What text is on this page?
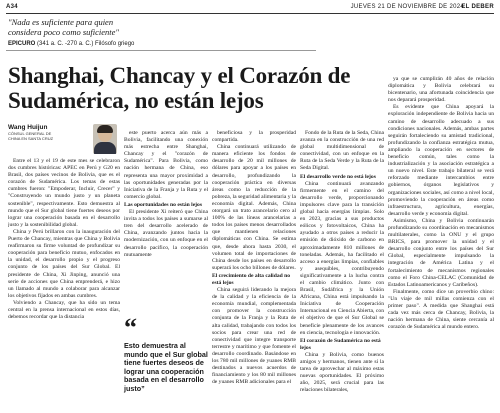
A34	JUEVES 21 DE NOVIEMBRE DE 2024
EL DEBER
"Nada es suficiente para quien
considera poco como suficiente"
EPICURO (341 a. C. -270 a. C.) Filósofo griego
Shanghai, Chancay y el Corazón de
Sudamérica, no están lejos
Wang Huijun
CÓNSUL GENERAL DE
CHINA EN SANTA CRUZ

Entre el 13 y el 19 de este mes se celebraron dos cumbres históricas: APEC en Perú y G20 en Brasil, dos países vecinos de Bolivia, que es el corazón de Sudamérica. Los temas de estas cumbres fueron: "Empoderar, Incluir, Crecer" y "Construyendo un mundo justo y un planeta sostenible", respectivamente. Esto demuestra al mundo que el Sur global tiene fuertes deseos por lograr una cooperación basada en el desarrollo justo y la sostenibilidad global.

China y Perú brillaron con la inauguración del Puerto de Chancay, mientras que China y Bolivia reafirmaron su firme voluntad de profundizar su cooperación para beneficio mutuo, enfocados en la unidad, el desarrollo propio y el progreso conjunto de los países del Sur Global. El presidente de China, Xi Jinping, anunció una serie de acciones que China emprenderá, e hizo un llamado al mundo a colaborar para alcanzar los objetivos fijados en ambas cumbres.

Volviendo a Chancay, que ha sido un tema central en la prensa internacional en estos días, debemos recordar que la distancia

este puerto acerca aún más a Bolivia, facilitando una conexión más estrecha entre Shanghai, Chancay y el "corazón de Sudamérica". Para Bolivia, como nación hermana de China, eso representa una mayor proximidad a las oportunidades generadas por la Iniciativa de la Franja y la Ruta y el comercio global.

Las oportunidades no están lejos

El presidente Xi reiteró que China invita a todos los países a sumarse al tren del desarrollo acelerado de China, avanzando juntos hacia la modernización, con un enfoque en el desarrollo pacífico, la cooperación mutuamente

“
Esto demuestra al mundo que el Sur global tiene fuertes deseos de lograr una cooperación basada en el desarrollo justo”

beneficiosa y la prosperidad compartida.

China continuará utilizando de manera eficiente los fondos de desarrollo de 20 mil millones de dólares para apoyar a los países en desarrollo, profundizando la cooperación práctica en diversas áreas como la reducción de la pobreza, la seguridad alimentaria y la economía digital. Además, China otorgará un trato arancelario cero al 100% de las líneas arancelarias a todos los países menos desarrollados que mantienen relaciones diplomáticas con China. Se estima que, desde ahora hasta 2030, el volumen total de importaciones de China desde los países en desarrollo superará los ocho billones de dólares.

El crecimiento de alta calidad no está lejos

China seguirá liderando la mejora de la calidad y la eficiencia de la economía mundial, complementada con promover la construcción conjunta de la Franja y la Ruta de alta calidad, trabajando con todos los socios para crear una red de conectividad que integre transporte terrestre y marítimo y que fomente el desarrollo coordinado. Basándose en los 780 mil millones de yuanes RMB destinados a nuevos acuerdos de financiamiento y los 80 mil millones de yuanes RMB adicionales para el

Fondo de la Ruta de la Seda, China avanza en la construcción de una red global multidimensional de conectividad, con un enfoque en la Ruta de la Seda Verde y la Ruta de la Seda Digital.

El desarrollo verde no está lejos

China continuará avanzando firmemente en el camino del desarrollo verde, proporcionando impulsores clave para la transición global hacia energías limpias. Solo en 2023, gracias a sus productos eólicos y fotovoltaicos, China ha ayudado a otros países a reducir la emisión de dióxido de carbono en aproximadamente 810 millones de toneladas. Además, ha facilitado el acceso a energías limpias, confiables y asequibles, contribuyendo significativamente a la lucha contra el cambio climático. Junto con Brasil, Sudáfrica y la Unión Africana, China está impulsando la Iniciativa de Cooperación Internacional en Ciencia Abierta, con el objetivo de que el Sur Global se beneficie plenamente de los avances en ciencia, tecnología e innovación.

El corazón de Sudamérica no está lejos

China y Bolivia, como buenos amigos y hermanos, tienen ante sí la tarea de aprovechar al máximo estas nuevas oportunidades. El próximo año, 2025, será crucial para las relaciones bilaterales,

ya que se cumplirán 40 años de relación diplomática y Bolivia celebrará su bicentenario, una afortunada coincidencia que nos deparará prosperidad.

Es evidente que China apoyará la exploración independiente de Bolivia hacia un camino de desarrollo adecuado a sus condiciones nacionales. Además, ambas partes seguirán fortaleciendo su amistad tradicional, profundizando la confianza estratégica mutua, ampliando la cooperación en sectores de beneficio común, tales como la industrialización y la asociación estratégica a un nuevo nivel. Este trabajo bilateral se verá reforzado mediante intercambios entre gobiernos, órganos legislativos y organizaciones sociales, así como a nivel local, promoviendo la cooperación en áreas como infraestructura, agricultura, energías, desarrollo verde y economía digital.

Asimismo, China y Bolivia continuarán profundizando su coordinación en mecanismos multilaterales, como la ONU y el grupo BRICS, para promover la unidad y el desarrollo conjunto entre los países del Sur Global, especialmente impulsando la integración de América Latina y el fortalecimiento de mecanismos regionales como el Foro China-CELAC (Comunidad de Estados Latinoamericanos y Caribeños).

Finalmente, como dice un proverbio chino: "Un viaje de mil millas comienza con el primer paso". A medida que Shanghai está cada vez más cerca de Chancay, Bolivia, la nación hermana de China, siente cercanía al corazón de Sudamérica al mundo entero.
